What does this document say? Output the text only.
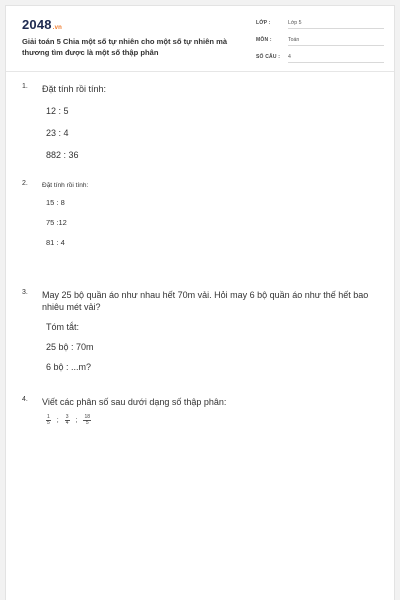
2048.vn
Giải toán 5 Chia một số tự nhiên cho một số tự nhiên mà thương tìm được là một số thập phân
LỚP :	Lớp 5
MÔN :	Toán
SỐ CÂU : 4
1. Đặt tính rồi tính:
12 : 5
23 : 4
882 : 36
2. Đặt tính rồi tính:
15 : 8
75 :12
81 : 4
3. May 25 bộ quần áo như nhau hết 70m vải. Hỏi may 6 bộ quần áo như thế hết bao nhiêu mét vải?
Tóm tắt:
25 bộ : 70m
6 bộ : ...m?
4. Viết các phân số sau dưới dạng số thập phân:
$\frac{1}{5}$ ; $\frac{3}{4}$ ; $\frac{18}{5}$
